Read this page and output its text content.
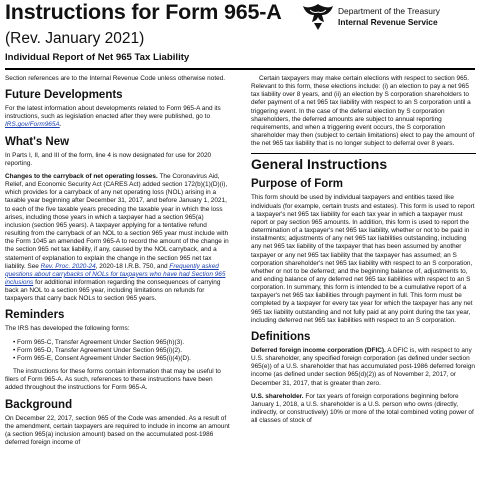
Instructions for Form 965-A
(Rev. January 2021)
Individual Report of Net 965 Tax Liability
Department of the Treasury
Internal Revenue Service

Section references are to the Internal Revenue Code unless otherwise noted.

Future Developments

For the latest information about developments related to Form 965-A and its instructions, such as legislation enacted after they were published, go to IRS.gov/Form965A.

What's New

In Parts I, II, and III of the form, line 4 is now designated for use for 2020 reporting.

Changes to the carryback of net operating losses. The Coronavirus Aid, Relief, and Economic Security Act (CARES Act) added section 172(b)(1)(D)(i), which provides for a carryback of any net operating loss (NOL) arising in a taxable year beginning after December 31, 2017, and before January 1, 2021, to each of the five taxable years preceding the taxable year in which the loss arises, including those years in which a taxpayer had a section 965(a) inclusion (section 965 years). A taxpayer applying for a tentative refund resulting from the carryback of an NOL to a section 965 year must include with the Form 1045 an amended Form 965-A to record the amount of the change in the section 965 net tax liability, if any, caused by the NOL carryback, and a statement of explanation to explain the change in the section 965 net tax liability. See Rev. Proc. 2020-24, 2020-18 I.R.B. 750, and Frequently asked questions about carrybacks of NOLs for taxpayers who have had Section 965 inclusions for additional information regarding the consequences of carrying back an NOL to a section 965 year, including limitations on refunds for taxpayers that carry back NOLs to section 965 years.

Reminders

The IRS has developed the following forms:

• Form 965-C, Transfer Agreement Under Section 965(h)(3).
• Form 965-D, Transfer Agreement Under Section 965(i)(2).
• Form 965-E, Consent Agreement Under Section 965(i)(4)(D).

The instructions for these forms contain information that may be useful to filers of Form 965-A. As such, references to these instructions have been added throughout the instructions for Form 965-A.

Background

On December 22, 2017, section 965 of the Code was amended. As a result of the amendment, certain taxpayers are required to include in income an amount (a section 965(a) inclusion amount) based on the accumulated post-1986 deferred foreign income of

Certain taxpayers may make certain elections with respect to section 965. Relevant to this form, these elections include: (i) an election to pay a net 965 tax liability over 8 years, and (ii) an election by S corporation shareholders to defer payment of a net 965 tax liability with respect to an S corporation until a triggering event. In the case of the deferral election by S corporation shareholders, the deferred amounts are subject to annual reporting requirements, and when a triggering event occurs, the S corporation shareholder may then (subject to certain limitations) elect to pay the amount of the net 965 tax liability that is no longer subject to deferral over 8 years.

General Instructions
Purpose of Form

This form should be used by individual taxpayers and entities taxed like individuals (for example, certain trusts and estates). This form is used to report a taxpayer's net 965 tax liability for each tax year in which a taxpayer must report or pay section 965 amounts. In addition, this form is used to report the determination of a taxpayer's net 965 tax liability, whether or not to be paid in installments; adjustments of any net 965 tax liabilities outstanding, including any net 965 tax liability of the taxpayer that has been assumed by another taxpayer or any net 965 tax liability that the taxpayer has assumed; an S corporation shareholder's net 965 tax liability with respect to an S corporation, whether or not to be deferred; and the beginning balance of, adjustments to, and ending balance of any deferred net 965 tax liabilities with respect to an S corporation. In summary, this form is intended to be a cumulative report of a taxpayer's net 965 tax liabilities through payment in full. This form must be completed by a taxpayer for every tax year for which the taxpayer has any net 965 tax liability outstanding and not fully paid at any point during the tax year, including deferred net 965 tax liabilities with respect to an S corporation.

Definitions

Deferred foreign income corporation (DFIC). A DFIC is, with respect to any U.S. shareholder, any specified foreign corporation (as defined under section 965(e)) of a U.S. shareholder that has accumulated post-1986 deferred foreign income (as defined under section 965(d)(2)) as of November 2, 2017, or December 31, 2017, that is greater than zero.

U.S. shareholder. For tax years of foreign corporations beginning before January 1, 2018, a U.S. shareholder is a U.S. person who owns (directly, indirectly, or constructively) 10% or more of the total combined voting power of all classes of stock of
